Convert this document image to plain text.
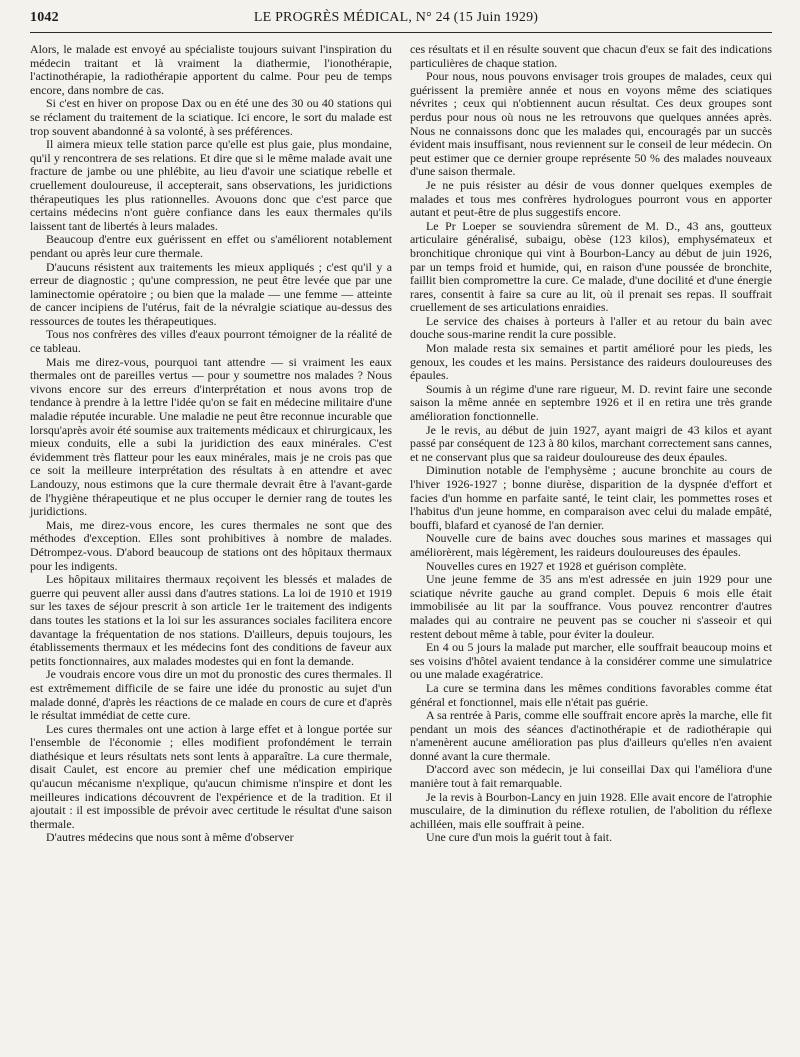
1042	LE PROGRÈS MÉDICAL, N° 24 (15 Juin 1929)

Alors, le malade est envoyé au spécialiste toujours suivant l'inspiration du médecin traitant et là vraiment la diathermie, l'ionothérapie, l'actinothérapie, la radiothérapie apportent du calme. Pour peu de temps encore, dans nombre de cas.

Si c'est en hiver on propose Dax ou en été une des 30 ou 40 stations qui se réclament du traitement de la sciatique. Ici encore, le sort du malade est trop souvent abandonné à sa volonté, à ses préférences.

Il aimera mieux telle station parce qu'elle est plus gaie, plus mondaine, qu'il y rencontrera de ses relations. Et dire que si le même malade avait une fracture de jambe ou une phlébite, au lieu d'avoir une sciatique rebelle et cruellement douloureuse, il accepterait, sans observations, les juridictions thérapeutiques les plus rationnelles. Avouons donc que c'est parce que certains médecins n'ont guère confiance dans les eaux thermales qu'ils laissent tant de libertés à leurs malades.

Beaucoup d'entre eux guérissent en effet ou s'améliorent notablement pendant ou après leur cure thermale.

D'aucuns résistent aux traitements les mieux appliqués ; c'est qu'il y a erreur de diagnostic ; qu'une compression, ne peut être levée que par une laminectomie opératoire ; ou bien que la malade — une femme — atteinte de cancer incipiens de l'utérus, fait de la névralgie sciatique au-dessus des ressources de toutes les thérapeutiques.

Tous nos confrères des villes d'eaux pourront témoigner de la réalité de ce tableau.

Mais me direz-vous, pourquoi tant attendre — si vraiment les eaux thermales ont de pareilles vertus — pour y soumettre nos malades ? Nous vivons encore sur des erreurs d'interprétation et nous avons trop de tendance à prendre à la lettre l'idée qu'on se fait en médecine militaire d'une maladie réputée incurable. Une maladie ne peut être reconnue incurable que lorsqu'après avoir été soumise aux traitements médicaux et chirurgicaux, les mieux conduits, elle a subi la juridiction des eaux minérales. C'est évidemment très flatteur pour les eaux minérales, mais je ne crois pas que ce soit la meilleure interprétation des résultats à en attendre et avec Landouzy, nous estimons que la cure thermale devrait être à l'avant-garde de l'hygiène thérapeutique et ne plus occuper le dernier rang de toutes les juridictions.

Mais, me direz-vous encore, les cures thermales ne sont que des méthodes d'exception. Elles sont prohibitives à nombre de malades. Détrompez-vous. D'abord beaucoup de stations ont des hôpitaux thermaux pour les indigents.

Les hôpitaux militaires thermaux reçoivent les blessés et malades de guerre qui peuvent aller aussi dans d'autres stations. La loi de 1910 et 1919 sur les taxes de séjour prescrit à son article 1er le traitement des indigents dans toutes les stations et la loi sur les assurances sociales facilitera encore davantage la fréquentation de nos stations. D'ailleurs, depuis toujours, les établissements thermaux et les médecins font des conditions de faveur aux petits fonctionnaires, aux malades modestes qui en font la demande.

Je voudrais encore vous dire un mot du pronostic des cures thermales. Il est extrêmement difficile de se faire une idée du pronostic au sujet d'un malade donné, d'après les réactions de ce malade en cours de cure et d'après le résultat immédiat de cette cure.

Les cures thermales ont une action à large effet et à longue portée sur l'ensemble de l'économie ; elles modifient profondément le terrain diathésique et leurs résultats nets sont lents à apparaître. La cure thermale, disait Caulet, est encore au premier chef une médication empirique qu'aucun mécanisme n'explique, qu'aucun chimisme n'inspire et dont les meilleures indications découvrent de l'expérience et de la tradition. Et il ajoutait : il est impossible de prévoir avec certitude le résultat d'une saison thermale.

D'autres médecins que nous sont à même d'observer

ces résultats et il en résulte souvent que chacun d'eux se fait des indications particulières de chaque station.

Pour nous, nous pouvons envisager trois groupes de malades, ceux qui guérissent la première année et nous en voyons même des sciatiques névrites ; ceux qui n'obtiennent aucun résultat. Ces deux groupes sont perdus pour nous où nous ne les retrouvons que quelques années après. Nous ne connaissons donc que les malades qui, encouragés par un succès évident mais insuffisant, nous reviennent sur le conseil de leur médecin. On peut estimer que ce dernier groupe représente 50 % des malades nouveaux d'une saison thermale.

Je ne puis résister au désir de vous donner quelques exemples de malades et tous mes confrères hydrologues pourront vous en apporter autant et peut-être de plus suggestifs encore.

Le Pr Loeper se souviendra sûrement de M. D., 43 ans, goutteux articulaire généralisé, subaigu, obèse (123 kilos), emphysémateux et bronchitique chronique qui vint à Bourbon-Lancy au début de juin 1926, par un temps froid et humide, qui, en raison d'une poussée de bronchite, faillit bien compromettre la cure. Ce malade, d'une docilité et d'une énergie rares, consentit à faire sa cure au lit, où il prenait ses repas. Il souffrait cruellement de ses articulations enraidies.

Le service des chaises à porteurs à l'aller et au retour du bain avec douche sous-marine rendit la cure possible.

Mon malade resta six semaines et partit amélioré pour les pieds, les genoux, les coudes et les mains. Persistance des raideurs douloureuses des épaules.

Soumis à un régime d'une rare rigueur, M. D. revint faire une seconde saison la même année en septembre 1926 et il en retira une très grande amélioration fonctionnelle.

Je le revis, au début de juin 1927, ayant maigri de 43 kilos et ayant passé par conséquent de 123 à 80 kilos, marchant correctement sans cannes, et ne conservant plus que sa raideur douloureuse des deux épaules.

Diminution notable de l'emphysème ; aucune bronchite au cours de l'hiver 1926-1927 ; bonne diurèse, disparition de la dyspnée d'effort et facies d'un homme en parfaite santé, le teint clair, les pommettes roses et l'habitus d'un jeune homme, en comparaison avec celui du malade empâté, bouffi, blafard et cyanosé de l'an dernier.

Nouvelle cure de bains avec douches sous marines et massages qui améliorèrent, mais légèrement, les raideurs douloureuses des épaules.

Nouvelles cures en 1927 et 1928 et guérison complète.

Une jeune femme de 35 ans m'est adressée en juin 1929 pour une sciatique névrite gauche au grand complet. Depuis 6 mois elle était immobilisée au lit par la souffrance. Vous pouvez rencontrer d'autres malades qui au contraire ne peuvent pas se coucher ni s'asseoir et qui restent debout même à table, pour éviter la douleur.

En 4 ou 5 jours la malade put marcher, elle souffrait beaucoup moins et ses voisins d'hôtel avaient tendance à la considérer comme une simulatrice ou une malade exagératrice.

La cure se termina dans les mêmes conditions favorables comme état général et fonctionnel, mais elle n'était pas guérie.

A sa rentrée à Paris, comme elle souffrait encore après la marche, elle fit pendant un mois des séances d'actinothérapie et de radiothérapie qui n'amenèrent aucune amélioration pas plus d'ailleurs qu'elles n'en avaient donné avant la cure thermale.

D'accord avec son médecin, je lui conseillai Dax qui l'améliora d'une manière tout à fait remarquable.

Je la revis à Bourbon-Lancy en juin 1928. Elle avait encore de l'atrophie musculaire, de la diminution du réflexe rotulien, de l'abolition du réflexe achilléen, mais elle souffrait à peine.

Une cure d'un mois la guérit tout à fait.
